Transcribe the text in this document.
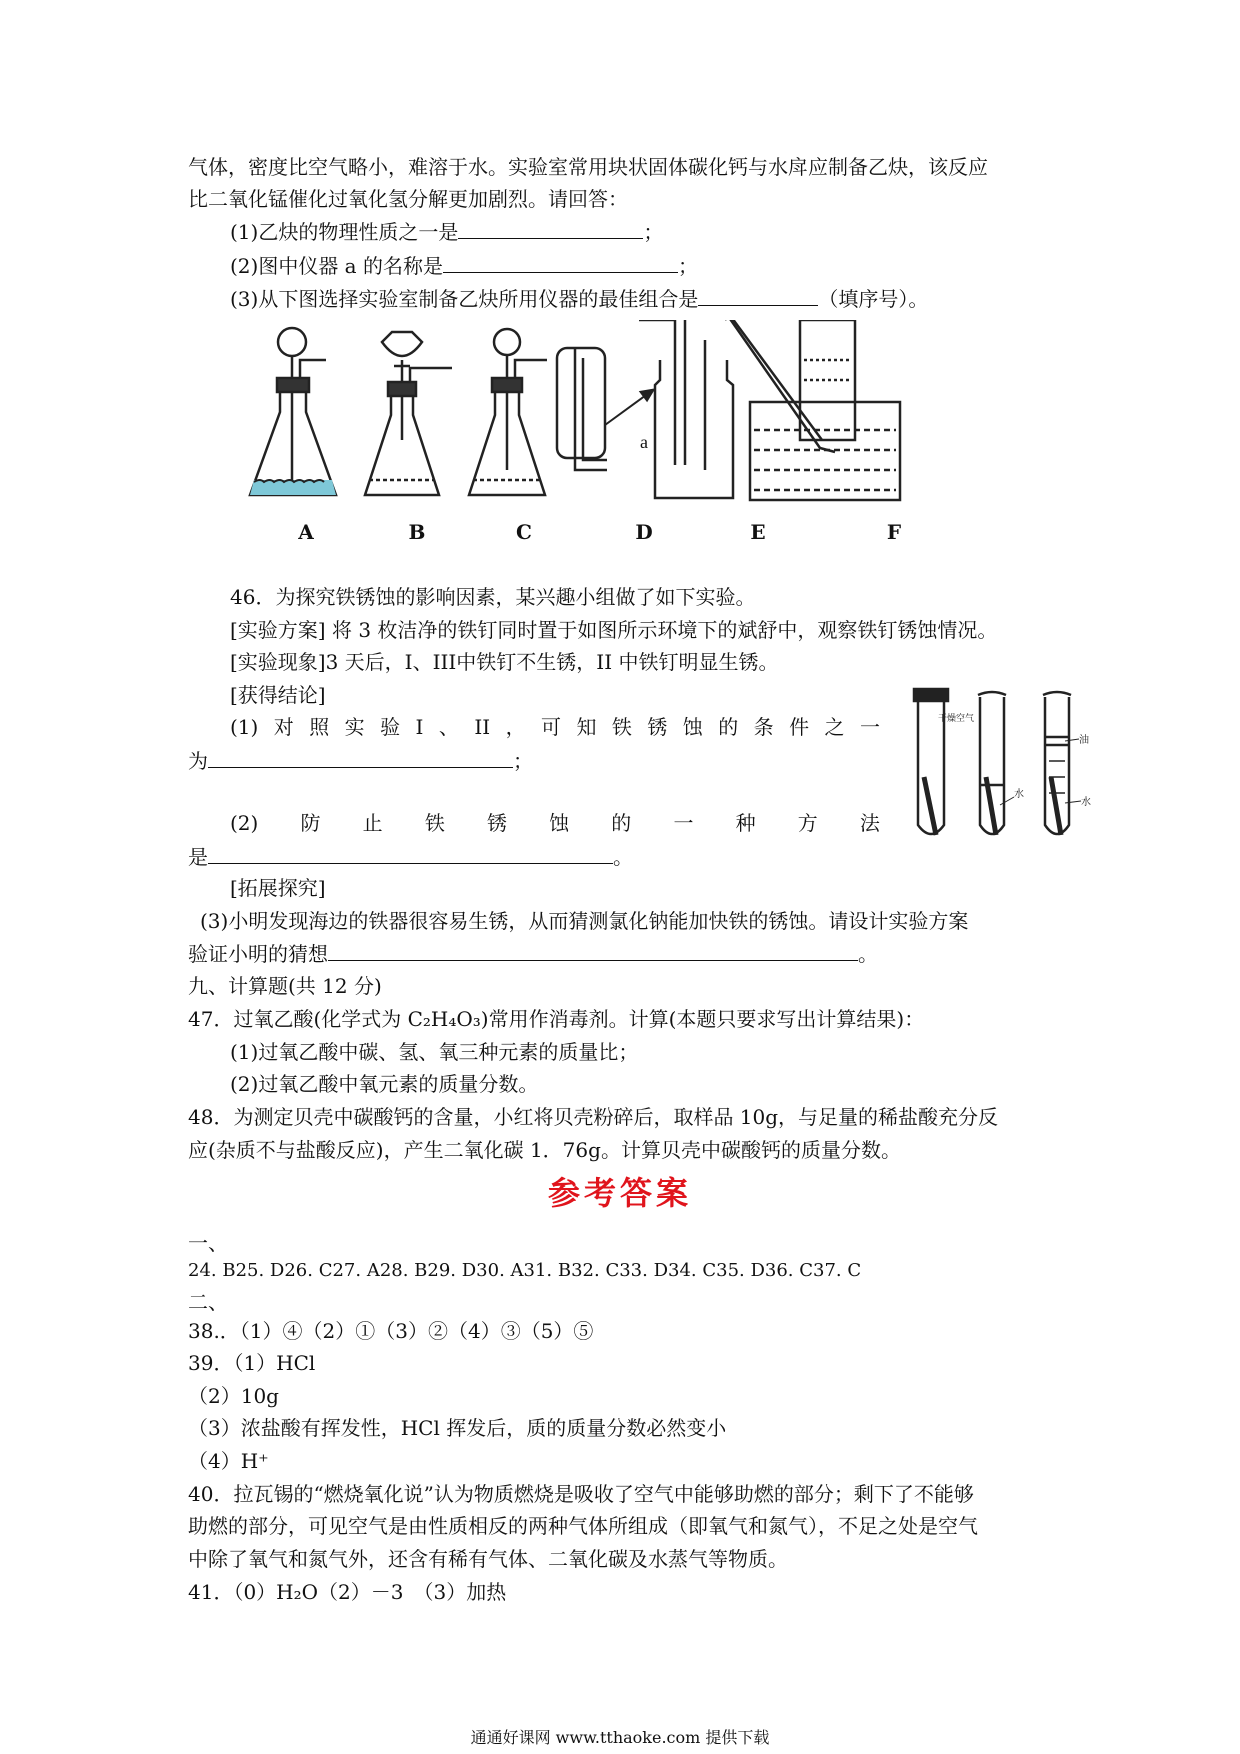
气体，密度比空气略小，难溶于水。实验室常用块状固体碳化钙与水戽应制备乙炔，该反应
比二氧化锰催化过氧化氢分解更加剧烈。请回答：
(1)乙炔的物理性质之一是	；
(2)图中仪器 a 的名称是	；
(3)从下图选择实验室制备乙炔所用仪器的最佳组合是	（填序号）。
a
A	B	C	D	E	F
46．为探究铁锈蚀的影响因素，某兴趣小组做了如下实验。
[实验方案] 将 3 枚洁净的铁钉同时置于如图所示环境下的斌舒中，观察铁钉锈蚀情况。
[实验现象]3 天后，I、III中铁钉不生锈，II 中铁钉明显生锈。
[获得结论]
(1) 对 照 实 验 I 、 II ， 可 知 铁 锈 蚀 的 条 件 之 一
为	；
(2) 防 止 铁 锈 蚀 的 一 种 方 法
是	。
干燥空气
水
油
水
[拓展探究]
(3)小明发现海边的铁器很容易生锈，从而猜测氯化钠能加快铁的锈蚀。请设计实验方案
验证小明的猜想	。
九、计算题(共 12 分)
47．过氧乙酸(化学式为 C₂H₄O₃)常用作消毒剂。计算(本题只要求写出计算结果)：
(1)过氧乙酸中碳、氢、氧三种元素的质量比；
(2)过氧乙酸中氧元素的质量分数。
48．为测定贝壳中碳酸钙的含量，小红将贝壳粉碎后，取样品 10g，与足量的稀盐酸充分反
应(杂质不与盐酸反应)，产生二氧化碳 1．76g。计算贝壳中碳酸钙的质量分数。
参考答案
一、
24. B25. D26. C27. A28. B29. D30. A31. B32. C33. D34. C35. D36. C37. C
二、
38.．（1）④（2）①（3）②（4）③（5）⑤
39．（1）HCl
（2）10g
（3）浓盐酸有挥发性，HCl 挥发后，质的质量分数必然变小
（4）H⁺
40．拉瓦锡的“燃烧氧化说”认为物质燃烧是吸收了空气中能够助燃的部分；剩下了不能够
助燃的部分，可见空气是由性质相反的两种气体所组成（即氧气和氮气），不足之处是空气
中除了氧气和氮气外，还含有稀有气体、二氧化碳及水蒸气等物质。
41．（0）H₂O（2）－3　（3）加热
通通好课网 www.tthaoke.com 提供下载
